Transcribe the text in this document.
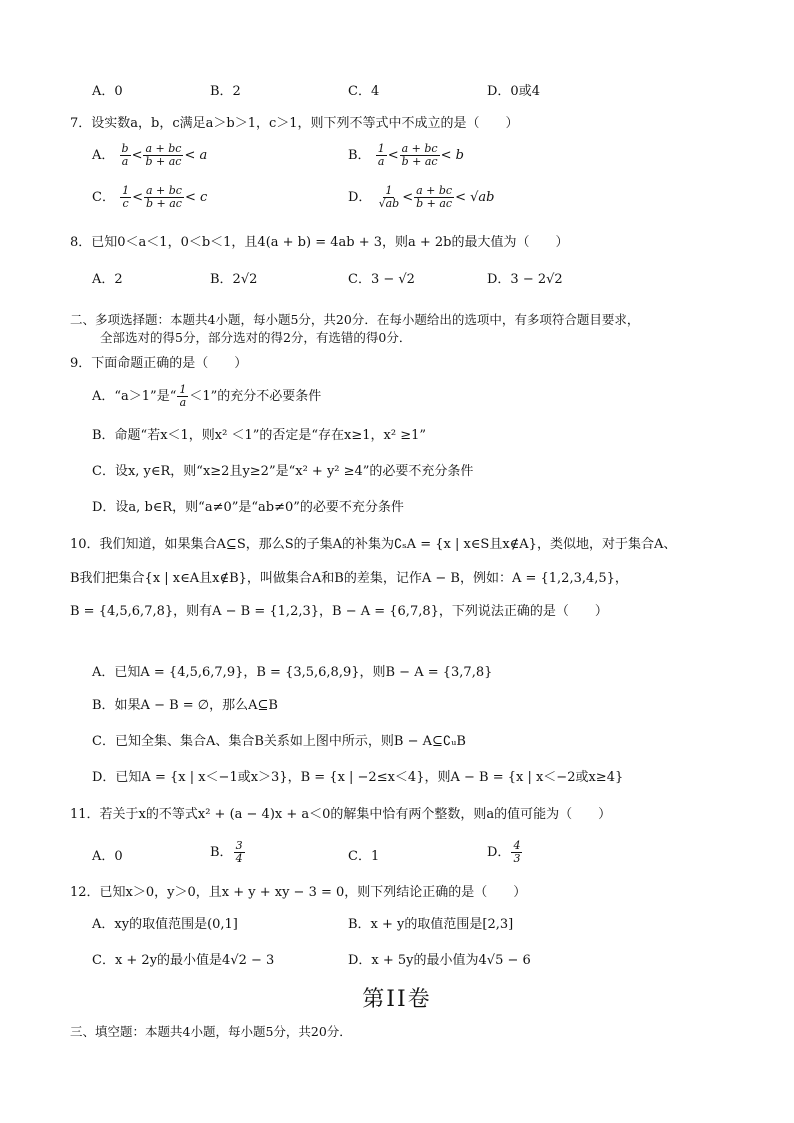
A．0	B．2	C．4	D．0或4
7．设实数a，b，c满足a＞b＞1，c＞1，则下列不等式中不成立的是（　　）
A． $\frac{b}{a} < \frac{a + bc}{b + ac} < a$	B． $\frac{1}{a} < \frac{a + bc}{b + ac} < b$
C． $\frac{1}{c} < \frac{a + bc}{b + ac} < c$	D． $\frac{1}{√ab} < \frac{a + bc}{b + ac} < √ab$
8．已知0＜a＜1，0＜b＜1，且4(a + b) = 4ab + 3，则a + 2b的最大值为（　　）
A．2	B．2√2	C．3 − √2	D．3 − 2√2
二、多项选择题：本题共4小题，每小题5分，共20分．在每小题给出的选项中，有多项符合题目要求，
全部选对的得5分，部分选对的得2分，有选错的得0分．
9．下面命题正确的是（　　）
A．“a＞1”是“ $\frac{1}{a} <1$”的充分不必要条件
B．命题“若x＜1，则x² ＜1”的否定是“存在x≥1，x² ≥1”
C．设x, y∈R，则“x≥2且y≥2”是“x² + y² ≥4”的必要不充分条件
D．设a, b∈R，则“a≠0”是“ab≠0”的必要不充分条件
10．我们知道，如果集合A⊆S，那么S的子集A的补集为∁ₛA = {x | x∈S且x∉A}，类似地，对于集合A、
B我们把集合{x | x∈A且x∉B}，叫做集合A和B的差集，记作A − B，例如：A = {1,2,3,4,5}，
B = {4,5,6,7,8}，则有A − B = {1,2,3}，B − A = {6,7,8}，下列说法正确的是（　　）
A．已知A = {4,5,6,7,9}，B = {3,5,6,8,9}，则B − A = {3,7,8}
B．如果A − B = ∅，那么A⊆B
C．已知全集、集合A、集合B关系如上图中所示，则B − A⊆∁ᵤB
D．已知A = {x | x＜−1或x＞3}，B = {x | −2≤x＜4}，则A − B = {x | x＜−2或x≥4}
11．若关于x的不等式x² + (a − 4)x + a＜0的解集中恰有两个整数，则a的值可能为（　　）
A．0	B． $\frac{3}{4}$	C．1	D． $\frac{4}{3}$
12．已知x＞0，y＞0，且x + y + xy − 3 = 0，则下列结论正确的是（　　）
A．xy的取值范围是(0,1]	B．x + y的取值范围是[2,3]
C．x + 2y的最小值是4√2 − 3	D．x + 5y的最小值为4√5 − 6
第II卷
三、填空题：本题共4小题，每小题5分，共20分．
